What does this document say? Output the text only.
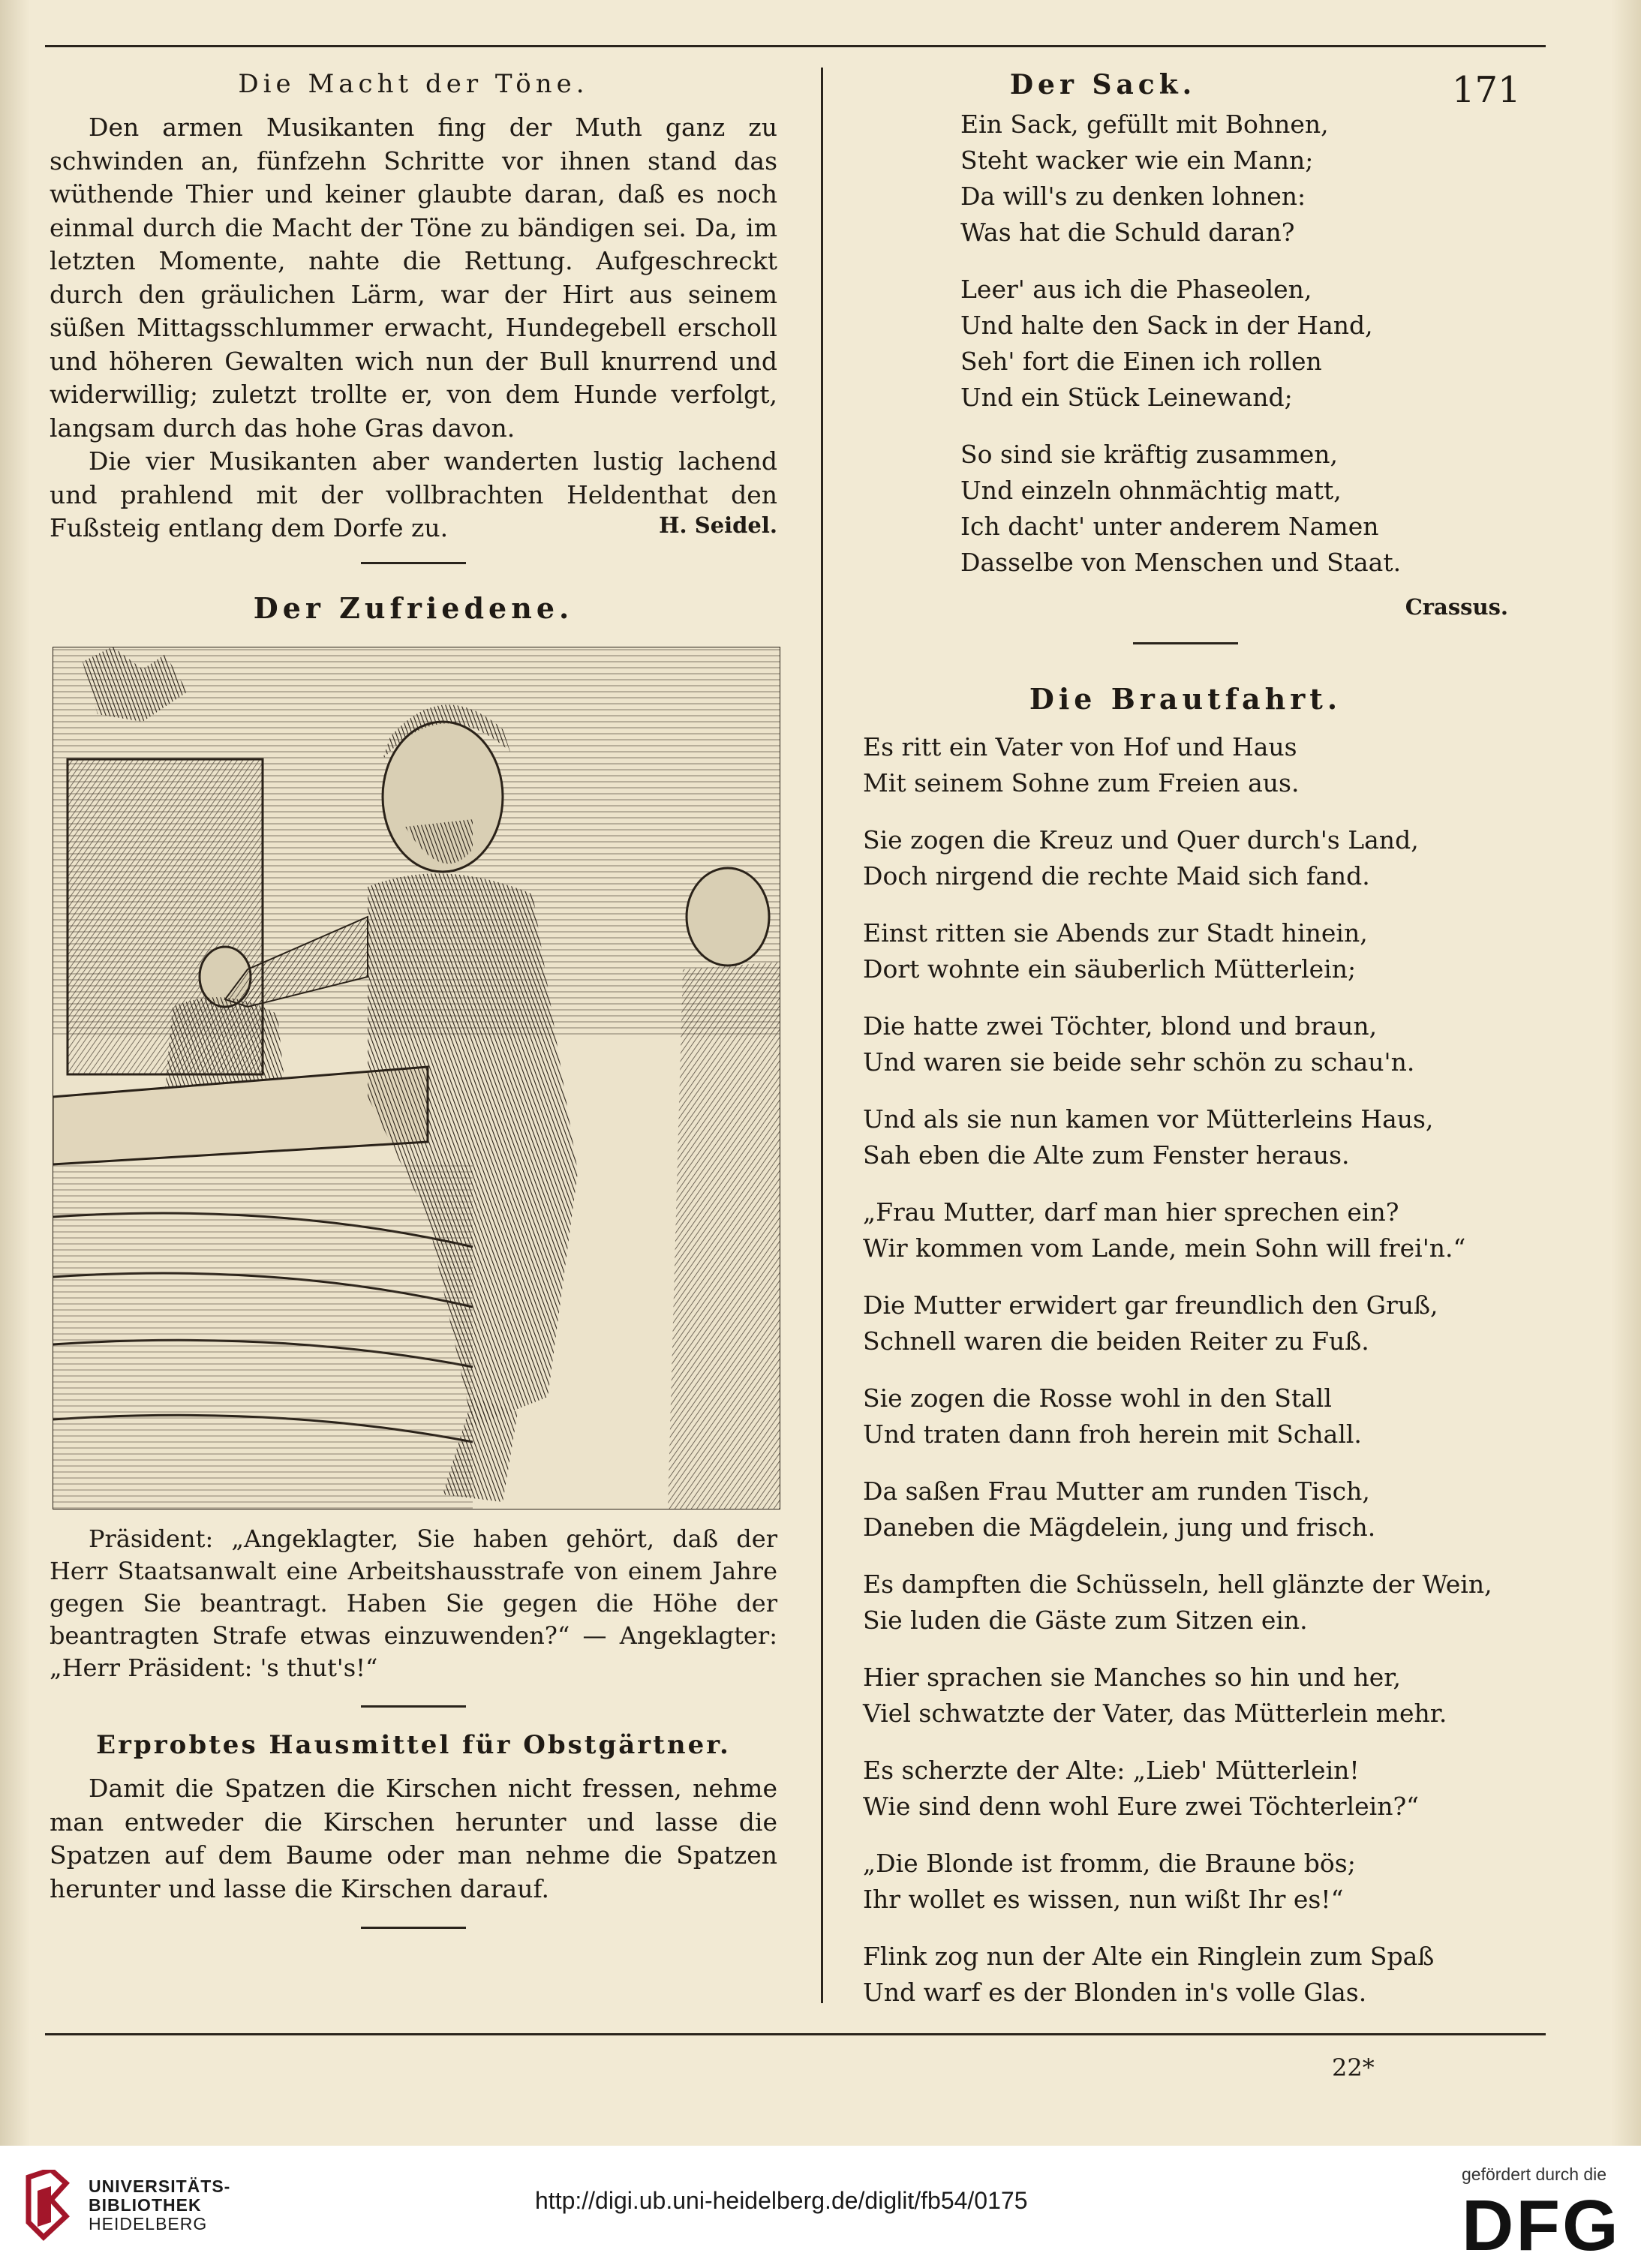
171
Die Macht der Töne.

Den armen Musikanten fing der Muth ganz zu schwinden an, fünfzehn Schritte vor ihnen stand das wüthende Thier und keiner glaubte daran, daß es noch einmal durch die Macht der Töne zu bändigen sei. Da, im letzten Momente, nahte die Rettung. Aufgeschreckt durch den gräulichen Lärm, war der Hirt aus seinem süßen Mittagsschlummer erwacht, Hundegebell erscholl und höheren Gewalten wich nun der Bull knurrend und widerwillig; zuletzt trollte er, von dem Hunde verfolgt, langsam durch das hohe Gras davon.

Die vier Musikanten aber wanderten lustig lachend und prahlend mit der vollbrachten Heldenthat den Fußsteig entlang dem Dorfe zu.	H. Seidel.
Der Zufriedene.

Präsident: „Angeklagter, Sie haben gehört, daß der Herr Staatsanwalt eine Arbeitshausstrafe von einem Jahre gegen Sie beantragt. Haben Sie gegen die Höhe der beantragten Strafe etwas einzuwenden?“ — Angeklagter: „Herr Präsident: 's thut's!“

Erprobtes Hausmittel für Obstgärtner.

Damit die Spatzen die Kirschen nicht fressen, nehme man entweder die Kirschen herunter und lasse die Spatzen auf dem Baume oder man nehme die Spatzen herunter und lasse die Kirschen darauf.

Der Sack.
Ein Sack, gefüllt mit Bohnen,
Steht wacker wie ein Mann;
Da will's zu denken lohnen:
Was hat die Schuld daran?
Leer' aus ich die Phaseolen,
Und halte den Sack in der Hand,
Seh' fort die Einen ich rollen
Und ein Stück Leinewand;
So sind sie kräftig zusammen,
Und einzeln ohnmächtig matt,
Ich dacht' unter anderem Namen
Dasselbe von Menschen und Staat.
Crassus.
Die Brautfahrt.
Es ritt ein Vater von Hof und Haus
Mit seinem Sohne zum Freien aus.
Sie zogen die Kreuz und Quer durch's Land,
Doch nirgend die rechte Maid sich fand.
Einst ritten sie Abends zur Stadt hinein,
Dort wohnte ein säuberlich Mütterlein;
Die hatte zwei Töchter, blond und braun,
Und waren sie beide sehr schön zu schau'n.
Und als sie nun kamen vor Mütterleins Haus,
Sah eben die Alte zum Fenster heraus.
„Frau Mutter, darf man hier sprechen ein?
Wir kommen vom Lande, mein Sohn will frei'n.“
Die Mutter erwidert gar freundlich den Gruß,
Schnell waren die beiden Reiter zu Fuß.
Sie zogen die Rosse wohl in den Stall
Und traten dann froh herein mit Schall.
Da saßen Frau Mutter am runden Tisch,
Daneben die Mägdelein, jung und frisch.
Es dampften die Schüsseln, hell glänzte der Wein,
Sie luden die Gäste zum Sitzen ein.
Hier sprachen sie Manches so hin und her,
Viel schwatzte der Vater, das Mütterlein mehr.
Es scherzte der Alte: „Lieb' Mütterlein!
Wie sind denn wohl Eure zwei Töchterlein?“
„Die Blonde ist fromm, die Braune bös;
Ihr wollet es wissen, nun wißt Ihr es!“
Flink zog nun der Alte ein Ringlein zum Spaß
Und warf es der Blonden in's volle Glas.
22*
UNIVERSITÄTS-
BIBLIOTHEK
HEIDELBERG
http://digi.ub.uni-heidelberg.de/diglit/fb54/0175
gefördert durch die
DFG
